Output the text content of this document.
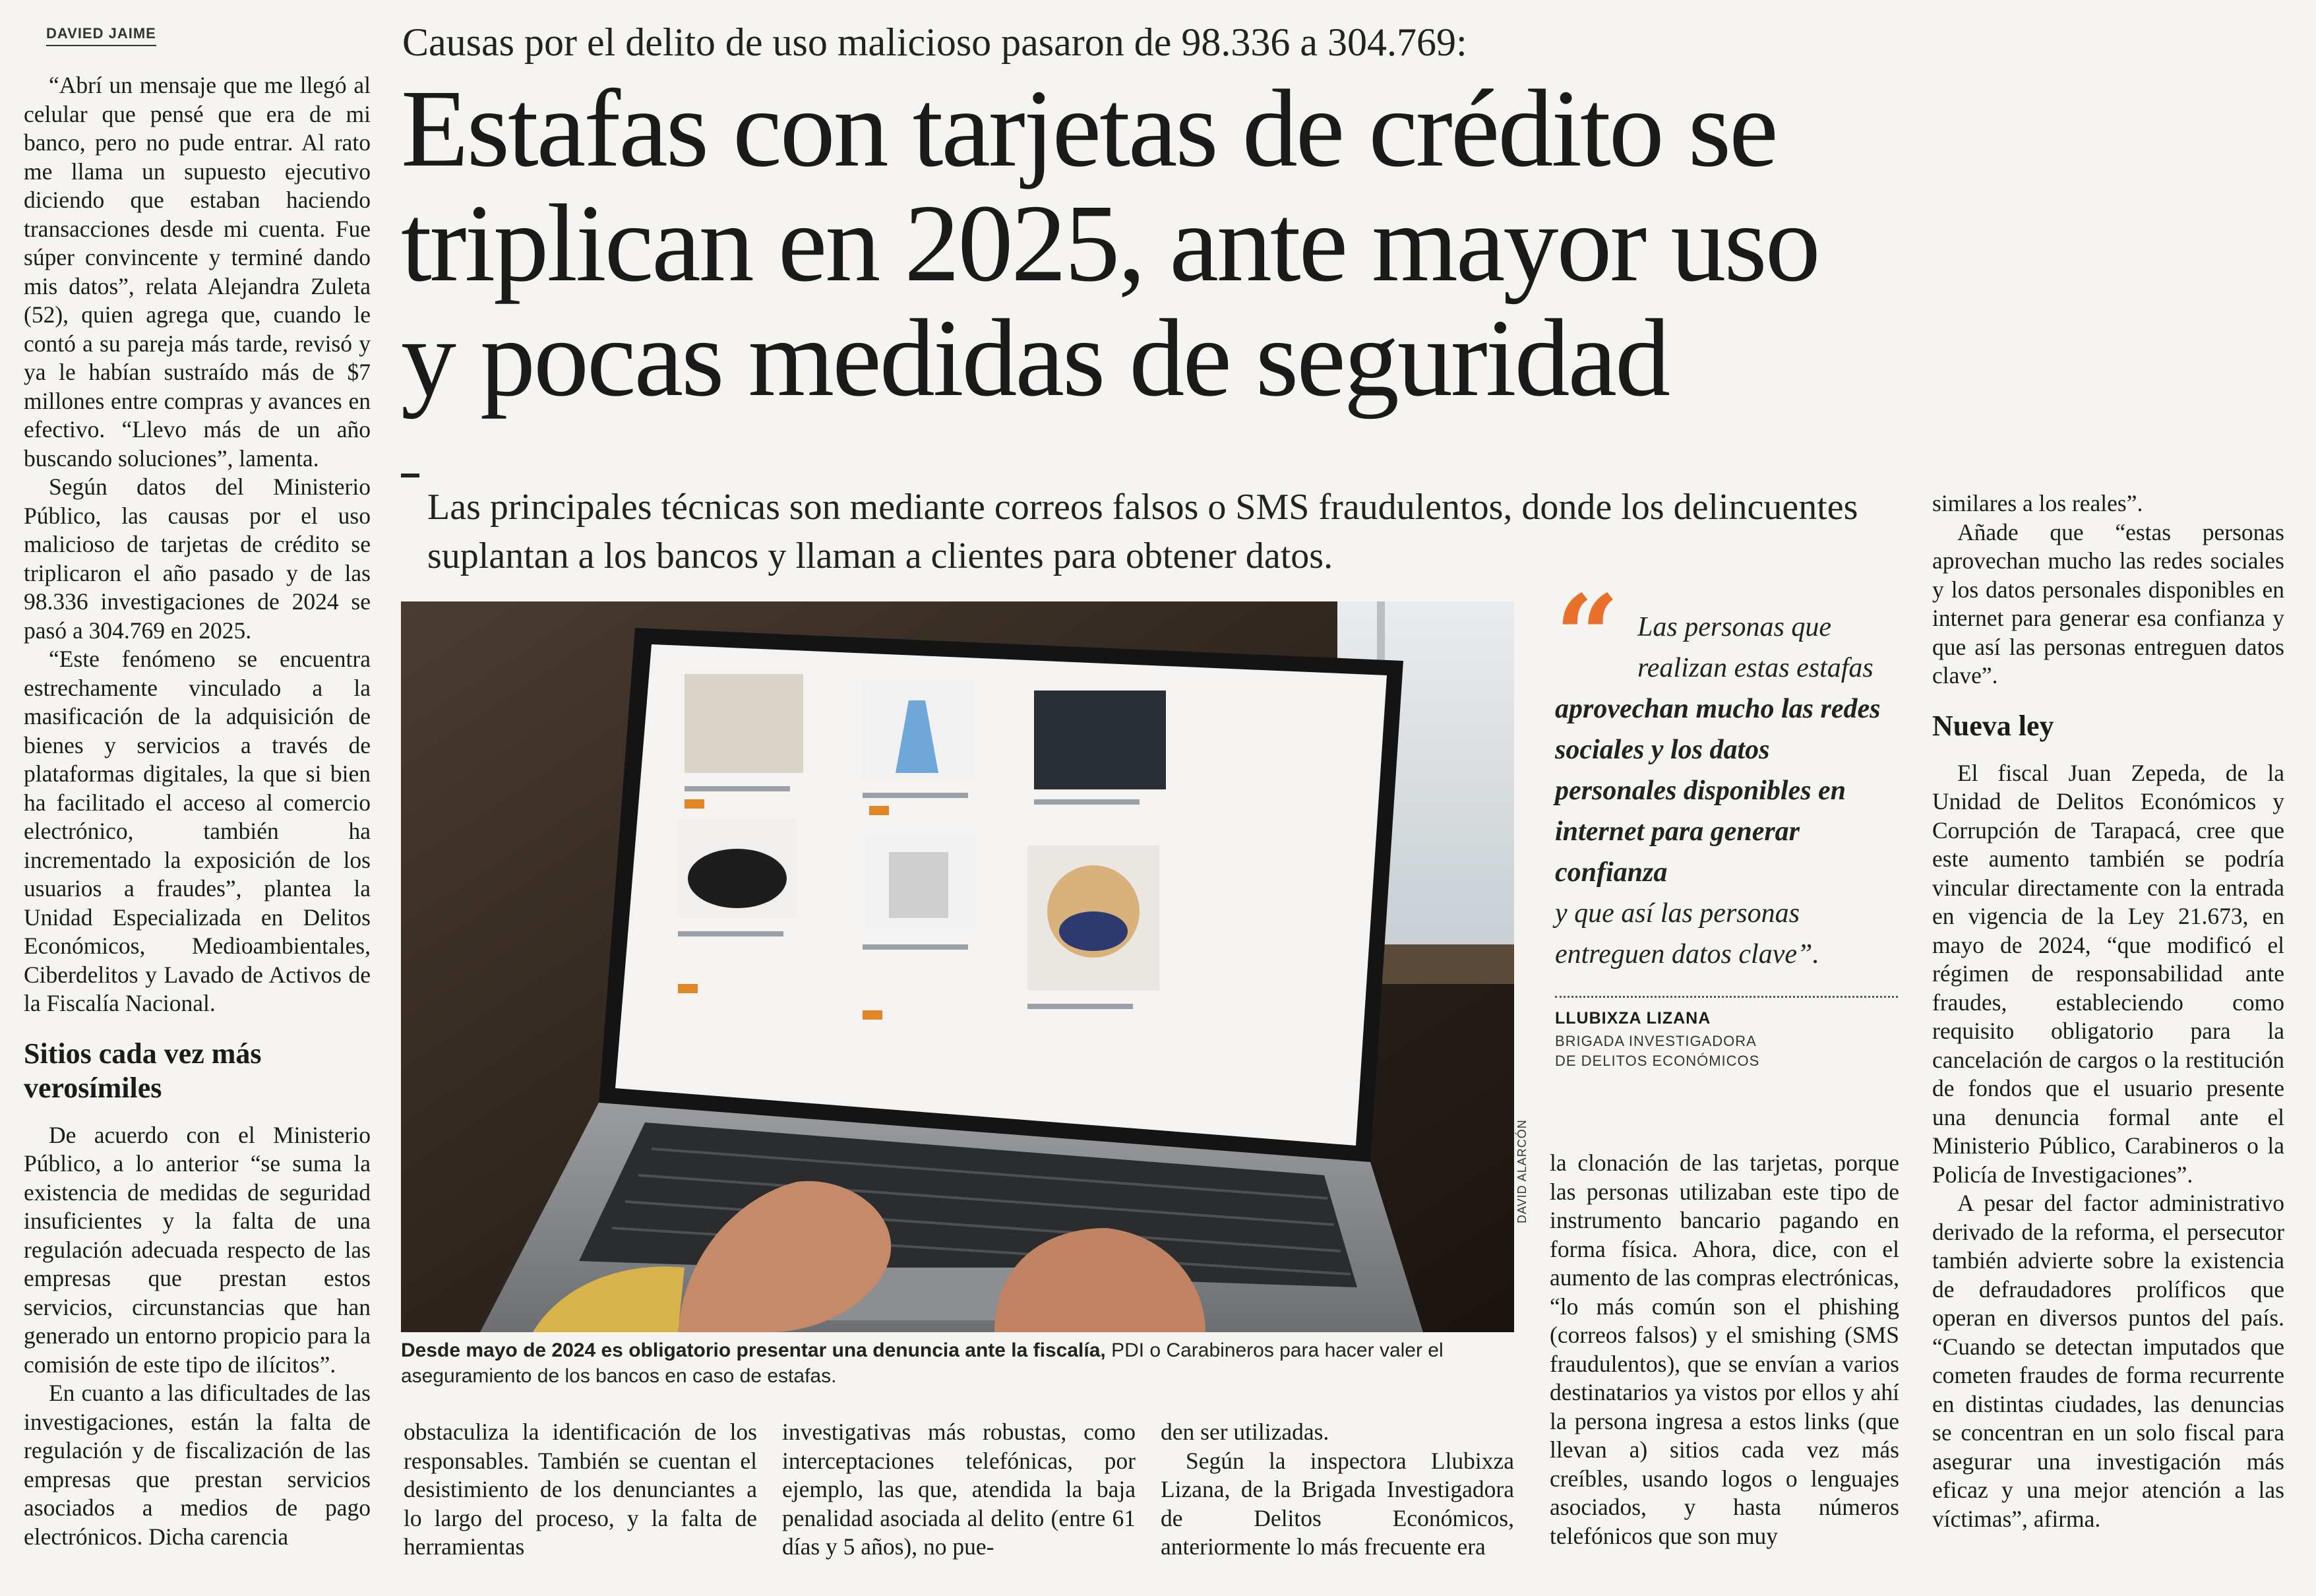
DAVIED JAIME	Causas por el delito de uso malicioso pasaron de 98.336 a 304.769:
Estafas con tarjetas de crédito se
triplican en 2025, ante mayor uso
y pocas medidas de seguridad
Las principales técnicas son mediante correos falsos o SMS fraudulentos, donde los delincuentes suplantan a los bancos y llaman a clientes para obtener datos.

“Abrí un mensaje que me llegó al celular que pensé que era de mi banco, pero no pude entrar. Al rato me llama un supuesto ejecutivo diciendo que estaban haciendo transacciones desde mi cuenta. Fue súper convincente y terminé dando mis datos”, relata Alejandra Zuleta (52), quien agrega que, cuando le contó a su pareja más tarde, revisó y ya le habían sustraído más de $7 millones entre compras y avances en efectivo. “Llevo más de un año buscando soluciones”, lamenta.

Según datos del Ministerio Público, las causas por el uso malicioso de tarjetas de crédito se triplicaron el año pasado y de las 98.336 investigaciones de 2024 se pasó a 304.769 en 2025.

“Este fenómeno se encuentra estrechamente vinculado a la masificación de la adquisición de bienes y servicios a través de plataformas digitales, la que si bien ha facilitado el acceso al comercio electrónico, también ha incrementado la exposición de los usuarios a fraudes”, plantea la Unidad Especializada en Delitos Económicos, Medioambientales, Ciberdelitos y Lavado de Activos de la Fiscalía Nacional.

Sitios cada vez más verosímiles

De acuerdo con el Ministerio Público, a lo anterior “se suma la existencia de medidas de seguridad insuficientes y la falta de una regulación adecuada respecto de las empresas que prestan estos servicios, circunstancias que han generado un entorno propicio para la comisión de este tipo de ilícitos”.

En cuanto a las dificultades de las investigaciones, están la falta de regulación y de fiscalización de las empresas que prestan servicios asociados a medios de pago electrónicos. Dicha carencia

DAVID ALARCÓN
Desde mayo de 2024 es obligatorio presentar una denuncia ante la fiscalía, PDI o Carabineros para hacer valer el aseguramiento de los bancos en caso de estafas.

obstaculiza la identificación de los responsables. También se cuentan el desistimiento de los denunciantes a lo largo del proceso, y la falta de herramientas

investigativas más robustas, como interceptaciones telefónicas, por ejemplo, las que, atendida la baja penalidad asociada al delito (entre 61 días y 5 años), no pue-

den ser utilizadas.

Según la inspectora Llubixza Lizana, de la Brigada Investigadora de Delitos Económicos, anteriormente lo más frecuente era

“ Las personas que realizan estas estafas
aprovechan mucho las redes sociales y los datos personales disponibles en internet para generar confianza
y que así las personas entreguen datos clave”.
LLUBIXZA LIZANA
BRIGADA INVESTIGADORA
DE DELITOS ECONÓMICOS

la clonación de las tarjetas, porque las personas utilizaban este tipo de instrumento bancario pagando en forma física. Ahora, dice, con el aumento de las compras electrónicas, “lo más común son el phishing (correos falsos) y el smishing (SMS fraudulentos), que se envían a varios destinatarios ya vistos por ellos y ahí la persona ingresa a estos links (que llevan a) sitios cada vez más creíbles, usando logos o lenguajes asociados, y hasta números telefónicos que son muy

similares a los reales”.

Añade que “estas personas aprovechan mucho las redes sociales y los datos personales disponibles en internet para generar esa confianza y que así las personas entreguen datos clave”.

Nueva ley

El fiscal Juan Zepeda, de la Unidad de Delitos Económicos y Corrupción de Tarapacá, cree que este aumento también se podría vincular directamente con la entrada en vigencia de la Ley 21.673, en mayo de 2024, “que modificó el régimen de responsabilidad ante fraudes, estableciendo como requisito obligatorio para la cancelación de cargos o la restitución de fondos que el usuario presente una denuncia formal ante el Ministerio Público, Carabineros o la Policía de Investigaciones”.

A pesar del factor administrativo derivado de la reforma, el persecutor también advierte sobre la existencia de defraudadores prolíficos que operan en diversos puntos del país. “Cuando se detectan imputados que cometen fraudes de forma recurrente en distintas ciudades, las denuncias se concentran en un solo fiscal para asegurar una investigación más eficaz y una mejor atención a las víctimas”, afirma.
